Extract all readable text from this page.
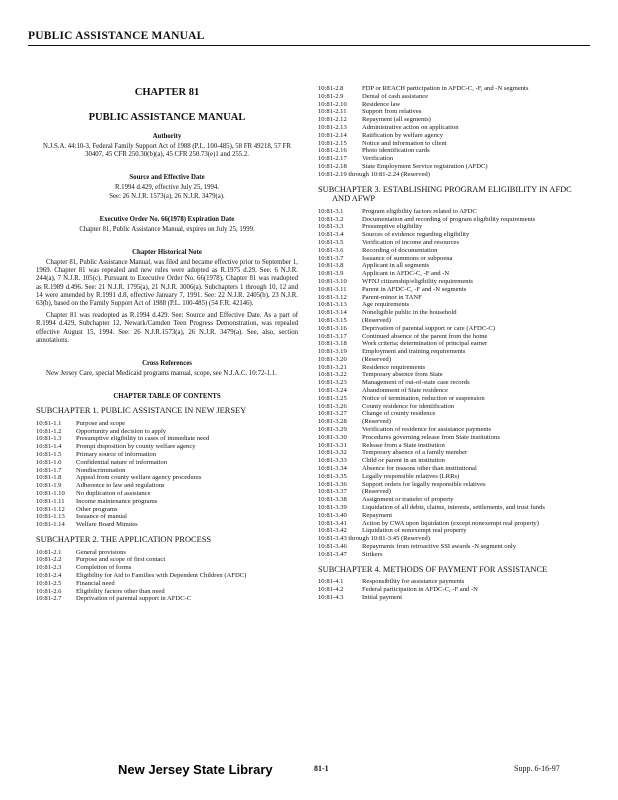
PUBLIC ASSISTANCE MANUAL
CHAPTER 81
PUBLIC ASSISTANCE MANUAL
Authority
N.J.S.A. 44:10-3, Federal Family Support Act of 1988 (P.L. 100-485), 58 FR 49218, 57 FR 30407, 45 CFR 250.30(b)(a), 45 CFR 250.73(e)1 and 255.2.
Source and Effective Date
R.1994 d.429, effective July 25, 1994.
See: 26 N.J.R. 1573(a), 26 N.J.R. 3479(a).
Executive Order No. 66(1978) Expiration Date
Chapter 81, Public Assistance Manual, expires on July 25, 1999.
Chapter Historical Note
Chapter 81, Public Assistance Manual, was filed and became effective prior to September 1, 1969. Chapter 81 was repealed and new rules were adopted as R.1975 d.29. See: 6 N.J.R. 244(a), 7 N.J.R. 105(c). Pursuant to Executive Order No. 66(1978), Chapter 81 was readopted as R.1989 d.496. See: 21 N.J.R. 1795(a), 21 N.J.R. 3006(a). Subchapters 1 through 10, 12 and 14 were amended by R.1991 d.8, effective January 7, 1991. See: 22 N.J.R. 2405(b), 23 N.J.R. 63(b), based on the Family Support Act of 1988 (P.L. 100-485) (54 F.R. 42146).
Chapter 81 was readopted as R.1994 d.429. See: Source and Effective Date. As a part of R.1994 d.429, Subchapter 12, Newark/Camden Teen Progress Demonstration, was repealed effective August 15, 1994. See: 26 N.J.R.1573(a), 26 N.J.R. 3479(a). See, also, section annotations.
Cross References
New Jersey Care, special Medicaid programs manual, scope, see N.J.A.C. 10:72-1.1.
CHAPTER TABLE OF CONTENTS
SUBCHAPTER 1. PUBLIC ASSISTANCE IN NEW JERSEY
10:81-1.1	Purpose and scope
10:81-1.2	Opportunity and decision to apply
10:81-1.3	Presumptive eligibility in cases of immediate need
10:81-1.4	Prompt disposition by county welfare agency
10:81-1.5	Primary source of information
10:81-1.6	Confidential nature of information
10:81-1.7	Nondiscrimination
10:81-1.8	Appeal from county welfare agency procedures
10:81-1.9	Adherence to law and regulations
10:81-1.10	No duplication of assistance
10:81-1.11	Income maintenance programs
10:81-1.12	Other programs
10:81-1.13	Issuance of manual
10:81-1.14	Welfare Board Minutes
SUBCHAPTER 2. THE APPLICATION PROCESS
10:81-2.1	General provisions
10:81-2.2	Purpose and scope of first contact
10:81-2.3	Completion of forms
10:81-2.4	Eligibility for Aid to Families with Dependent Children (AFDC)
10:81-2.5	Financial need
10:81-2.6	Eligibility factors other than need
10:81-2.7	Deprivation of parental support in AFDC-C
10:81-2.8	FDP or REACH participation in AFDC-C, -F, and -N segments
10:81-2.9	Denial of cash assistance
10:81-2.10	Residence law
10:81-2.11	Support from relatives
10:81-2.12	Repayment (all segments)
10:81-2.13	Administrative action on application
10:81-2.14	Ratification by welfare agency
10:81-2.15	Notice and information to client
10:81-2.16	Photo identification cards
10:81-2.17	Verification
10:81-2.18	State Employment Service registration (AFDC)
10:81-2.19 through 10:81-2.24 (Reserved)
SUBCHAPTER 3. ESTABLISHING PROGRAM ELIGIBILITY IN AFDC AND AFWP
10:81-3.1	Program eligibility factors related to AFDC
10:81-3.2	Documentation and recording of program eligibility requirements
10:81-3.3	Presumptive eligibility
10:81-3.4	Sources of evidence regarding eligibility
10:81-3.5	Verification of income and resources
10:81-3.6	Recording of documentation
10:81-3.7	Issuance of summons or subpoena
10:81-3.8	Applicant in all segments
10:81-3.9	Applicant in AFDC-C, -F and -N
10:81-3.10	WFNJ citizenship/eligibility requirements
10:81-3.11	Parent in AFDC-C, -F and -N segments
10:81-3.12	Parent-minor in TANF
10:81-3.13	Age requirements
10:81-3.14	Noneligible public in the household
10:81-3.15	(Reserved)
10:81-3.16	Deprivation of parental support or care (AFDC-C)
10:81-3.17	Continued absence of the parent from the home
10:81-3.18	Work criteria; determination of principal earner
10:81-3.19	Employment and training requirements
10:81-3.20	(Reserved)
10:81-3.21	Residence requirements
10:81-3.22	Temporary absence from State
10:81-3.23	Management of out-of-state case records
10:81-3.24	Abandonment of State residence
10:81-3.25	Notice of termination, reduction or suspension
10:81-3.26	County residence for identification
10:81-3.27	Change of county residence
10:81-3.28	(Reserved)
10:81-3.29	Verification of residence for assistance payments
10:81-3.30	Procedures governing release from State institutions
10:81-3.31	Release from a State institution
10:81-3.32	Temporary absence of a family member
10:81-3.33	Child or parent in an institution
10:81-3.34	Absence for reasons other than institutional
10:81-3.35	Legally responsible relatives (LRRs)
10:81-3.36	Support orders for legally responsible relatives
10:81-3.37	(Reserved)
10:81-3.38	Assignment or transfer of property
10:81-3.39	Liquidation of all debts, claims, interests, settlements, and trust funds
10:81-3.40	Repayment
10:81-3.41	Action by CWA upon liquidation (except nonexempt real property)
10:81-3.42	Liquidation of nonexempt real property
10:81-3.43 through 10:81-3.45 (Reserved)
10:81-3.46	Repayments from retroactive SSI awards -N segment only
10:81-3.47	Strikers
SUBCHAPTER 4. METHODS OF PAYMENT FOR ASSISTANCE
10:81-4.1	Responsibility for assistance payments
10:81-4.2	Federal participation in AFDC-C, -F and -N
10:81-4.3	Initial payment
New Jersey State Library	81-1	Supp. 6-16-97
